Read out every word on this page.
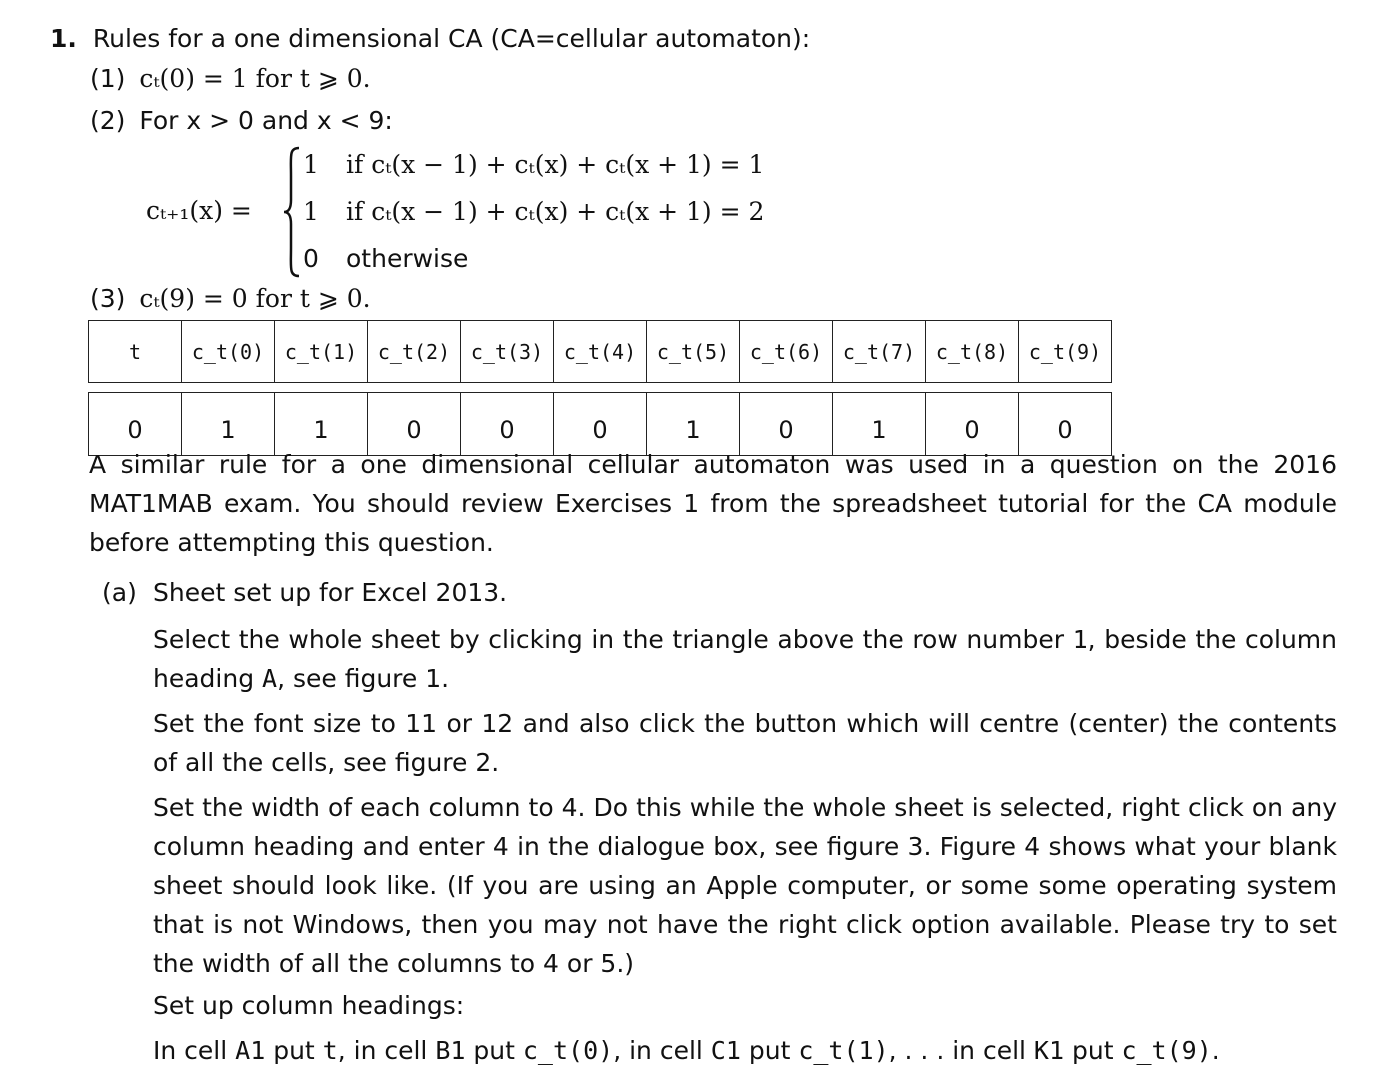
1. Rules for a one dimensional CA (CA=cellular automaton):
(1) cₜ(0) = 1 for t ⩾ 0.
(2) For x > 0 and x < 9:
cₜ₊₁(x) =
1 if cₜ(x − 1) + cₜ(x) + cₜ(x + 1) = 1
1 if cₜ(x − 1) + cₜ(x) + cₜ(x + 1) = 2
0 otherwise
(3) cₜ(9) = 0 for t ⩾ 0.
t	c_t(0)	c_t(1)	c_t(2)	c_t(3)	c_t(4)	c_t(5)	c_t(6)	c_t(7)	c_t(8)	c_t(9)

0	1	1	0	0	0	1	0	1	0	0
A similar rule for a one dimensional cellular automaton was used in a question on the 2016 MAT1MAB exam. You should review Exercises 1 from the spreadsheet tutorial for the CA module before attempting this question.
(a) Sheet set up for Excel 2013.
Select the whole sheet by clicking in the triangle above the row number 1, beside the column heading A, see figure 1.
Set the font size to 11 or 12 and also click the button which will centre (center) the contents of all the cells, see figure 2.
Set the width of each column to 4. Do this while the whole sheet is selected, right click on any column heading and enter 4 in the dialogue box, see figure 3. Figure 4 shows what your blank sheet should look like. (If you are using an Apple computer, or some some operating system that is not Windows, then you may not have the right click option available. Please try to set the width of all the columns to 4 or 5.)
Set up column headings:
In cell A1 put t, in cell B1 put c_t(0), in cell C1 put c_t(1), . . . in cell K1 put c_t(9).
